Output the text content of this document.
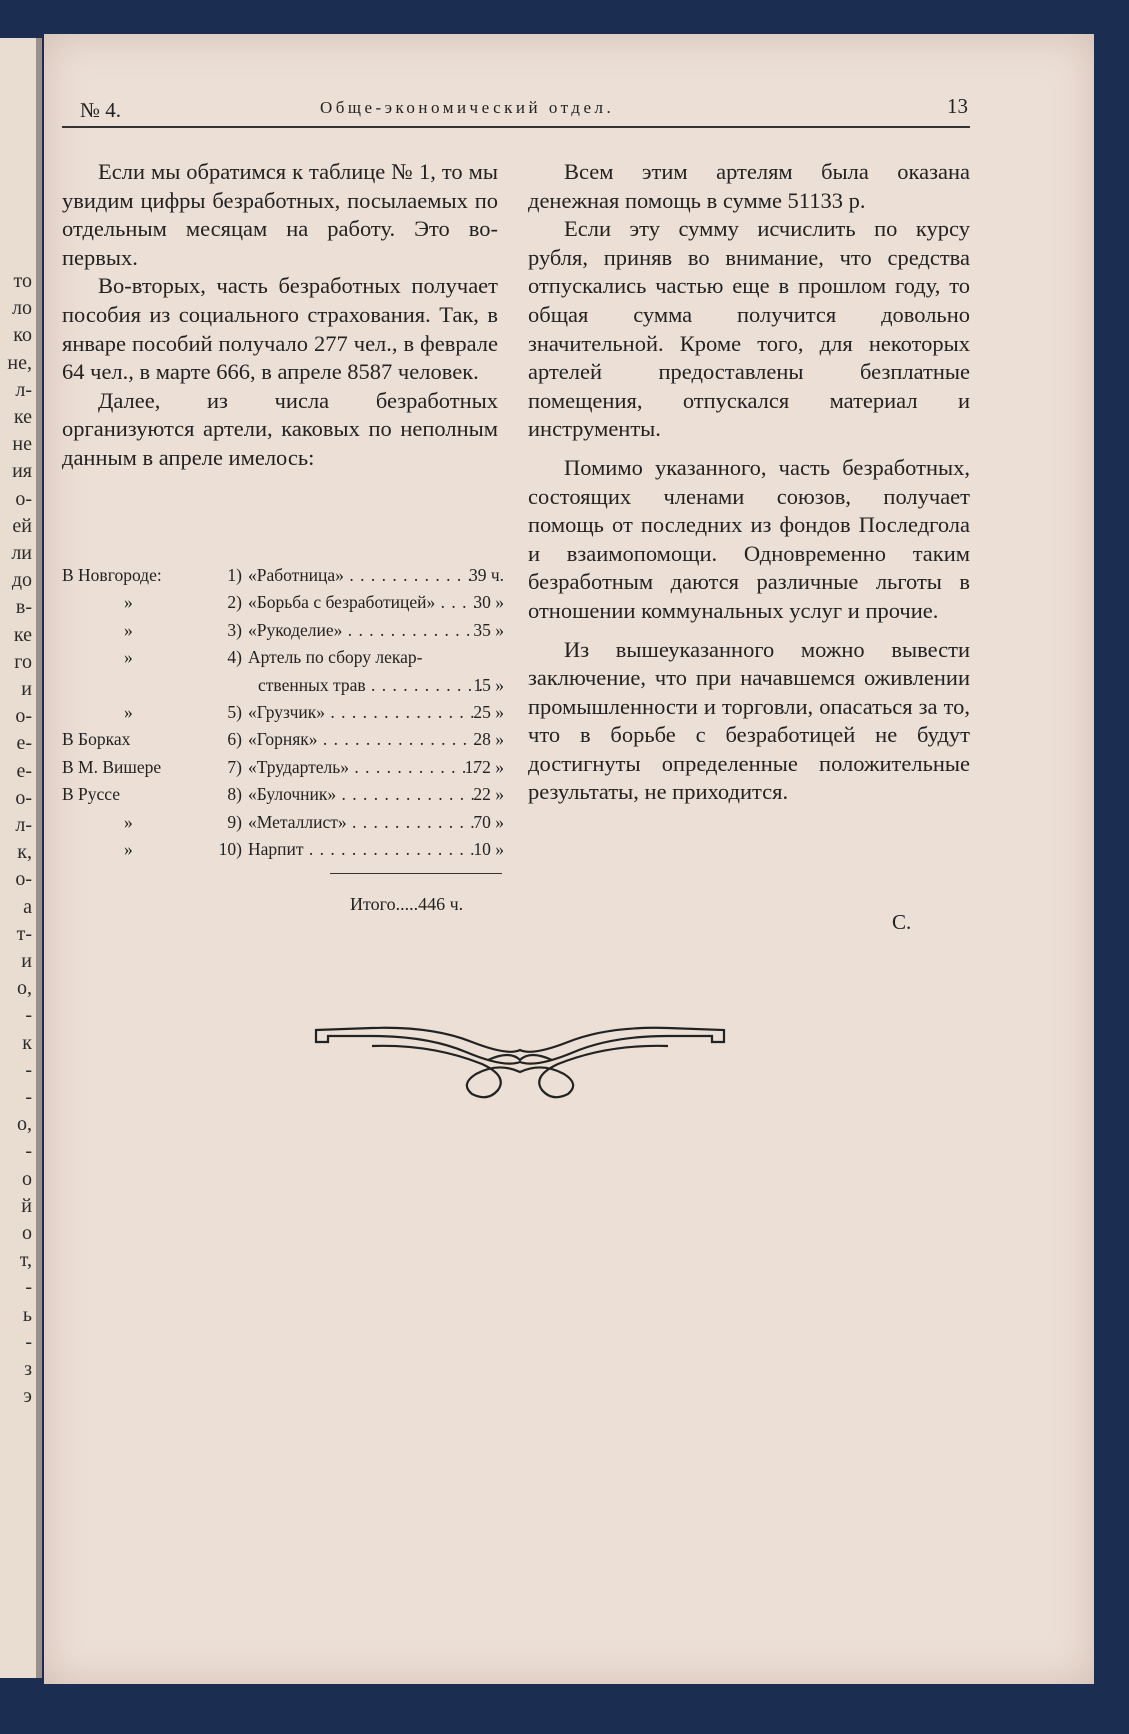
то
ло
ко
не,
л-
ке
не
ия
о-
ей
ли
до
в-
ке
го
и
о-
е-
е-
о-
л-
к,
о-
а
т-
и
о,
-
к
-
-
о,
-
о
й
о
т,
-
ь
-
з
э
№ 4.	Обще-экономический отдел.	13

Если мы обратимся к таблице № 1, то мы увидим цифры безработных, посылаемых по отдельным месяцам на работу. Это во-первых.

Во-вторых, часть безработных получает пособия из социального страхования. Так, в январе пособий получало 277 чел., в феврале 64 чел., в марте 666, в апреле 8587 человек.

Далее, из числа безработных организуются артели, каковых по неполным данным в апреле имелось:

В Новгороде:	1) «Работница» . . .	39 ч.
»	2) «Борьба с безработицей» . . .	30 »
»	3) «Рукоделие» . . .	35 »
»	4) Артель по сбору лекар-
ственных трав . . .	15 »
»	5) «Грузчик» . . .	25 »
В Борках	6) «Горняк» . . .	28 »
В М. Вишере	7) «Трудартель» . . .	172 »
В Руссе	8) «Булочник» . . .	22 »
»	9) «Металлист» . . .	70 »
»	10) Нарпит . . .	10 »
Итого.....446 ч.

Всем этим артелям была оказана денежная помощь в сумме 51133 р.

Если эту сумму исчислить по курсу рубля, приняв во внимание, что средства отпускались частью еще в прошлом году, то общая сумма получится довольно значительной. Кроме того, для некоторых артелей предоставлены безплатные помещения, отпускался материал и инструменты.

Помимо указанного, часть безработных, состоящих членами союзов, получает помощь от последних из фондов Последгола и взаимопомощи. Одновременно таким безработным даются различные льготы в отношении коммунальных услуг и прочие.

Из вышеуказанного можно вывести заключение, что при начавшемся оживлении промышленности и торговли, опасаться за то, что в борьбе с безработицей не будут достигнуты определенные положительные результаты, не приходится.

С.
